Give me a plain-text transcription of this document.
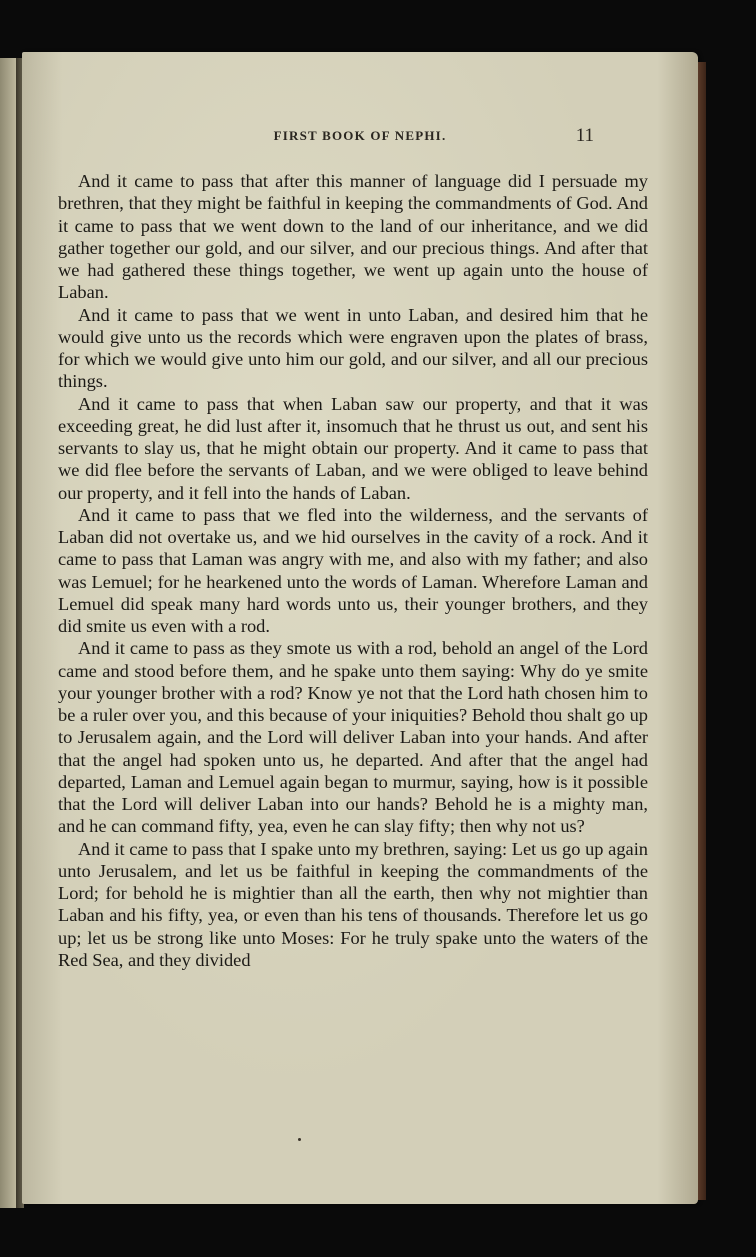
FIRST BOOK OF NEPHI.	11

And it came to pass that after this manner of language did I persuade my brethren, that they might be faithful in keeping the commandments of God. And it came to pass that we went down to the land of our inheritance, and we did gather together our gold, and our silver, and our precious things. And after that we had gathered these things together, we went up again unto the house of Laban.

And it came to pass that we went in unto Laban, and desired him that he would give unto us the records which were engraven upon the plates of brass, for which we would give unto him our gold, and our silver, and all our precious things.

And it came to pass that when Laban saw our property, and that it was exceeding great, he did lust after it, insomuch that he thrust us out, and sent his servants to slay us, that he might obtain our property. And it came to pass that we did flee before the servants of Laban, and we were obliged to leave behind our property, and it fell into the hands of Laban.

And it came to pass that we fled into the wilderness, and the servants of Laban did not overtake us, and we hid ourselves in the cavity of a rock. And it came to pass that Laman was angry with me, and also with my father; and also was Lemuel; for he hearkened unto the words of Laman. Wherefore Laman and Lemuel did speak many hard words unto us, their younger brothers, and they did smite us even with a rod.

And it came to pass as they smote us with a rod, behold an angel of the Lord came and stood before them, and he spake unto them saying: Why do ye smite your younger brother with a rod? Know ye not that the Lord hath chosen him to be a ruler over you, and this because of your iniquities? Behold thou shalt go up to Jerusalem again, and the Lord will deliver Laban into your hands. And after that the angel had spoken unto us, he departed. And after that the angel had departed, Laman and Lemuel again began to murmur, saying, how is it possible that the Lord will deliver Laban into our hands? Behold he is a mighty man, and he can command fifty, yea, even he can slay fifty; then why not us?

And it came to pass that I spake unto my brethren, saying: Let us go up again unto Jerusalem, and let us be faithful in keeping the commandments of the Lord; for behold he is mightier than all the earth, then why not mightier than Laban and his fifty, yea, or even than his tens of thousands. Therefore let us go up; let us be strong like unto Moses: For he truly spake unto the waters of the Red Sea, and they divided
